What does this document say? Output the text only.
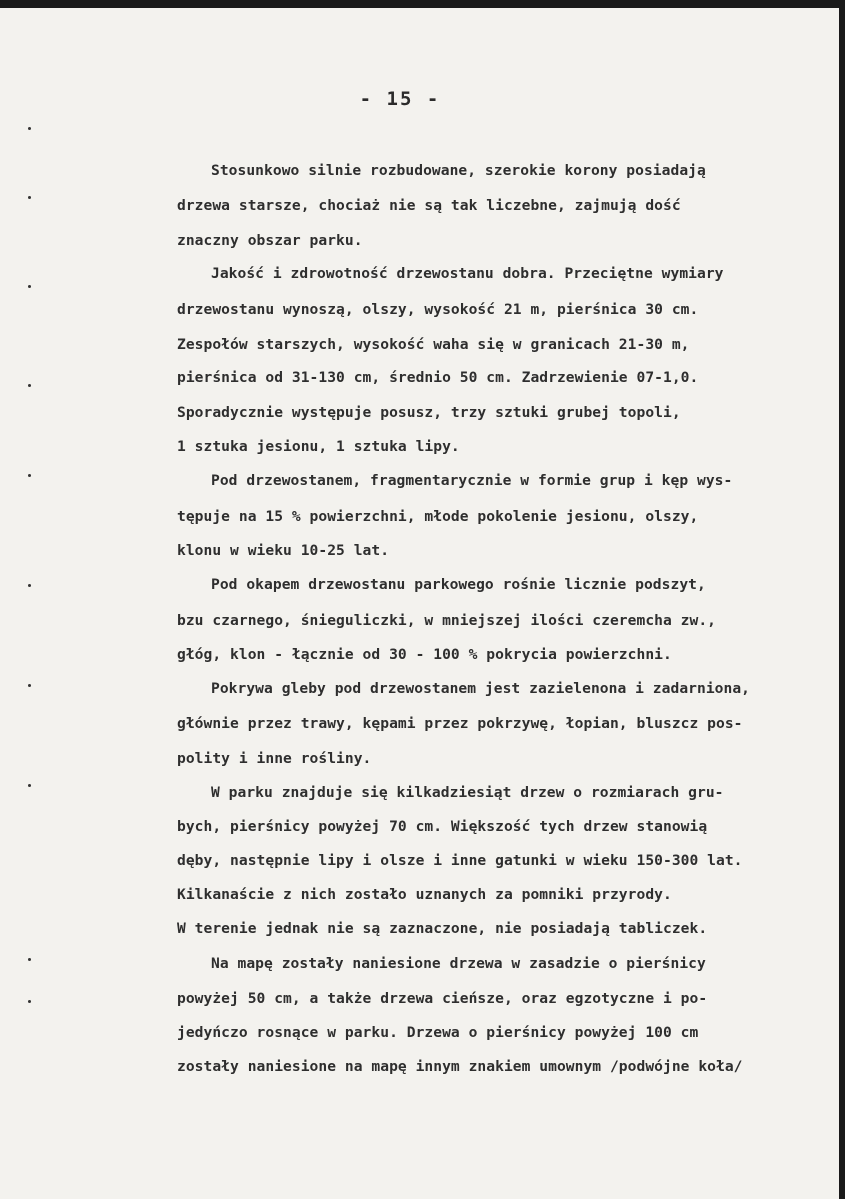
- 15 -
Stosunkowo silnie rozbudowane, szerokie korony posiadają
drzewa starsze, chociaż nie są tak liczebne, zajmują dość
znaczny obszar parku.
Jakość i zdrowotność drzewostanu dobra. Przeciętne wymiary
drzewostanu wynoszą, olszy, wysokość 21 m, pierśnica 30 cm.
Zespołów starszych, wysokość waha się w granicach 21-30 m,
pierśnica od 31-130 cm, średnio 50 cm. Zadrzewienie 07-1,0.
Sporadycznie występuje posusz, trzy sztuki grubej topoli,
1 sztuka jesionu, 1 sztuka lipy.
Pod drzewostanem, fragmentarycznie w formie grup i kęp wys-
tępuje na 15 % powierzchni, młode pokolenie jesionu, olszy,
klonu w wieku 10-25 lat.
Pod okapem drzewostanu parkowego rośnie licznie podszyt,
bzu czarnego, śnieguliczki, w mniejszej ilości czeremcha zw.,
głóg, klon - łącznie od 30 - 100 % pokrycia powierzchni.
Pokrywa gleby pod drzewostanem jest zazielenona i zadarniona,
głównie przez trawy, kępami przez pokrzywę, łopian, bluszcz pos-
polity i inne rośliny.
W parku znajduje się kilkadziesiąt drzew o rozmiarach gru-
bych, pierśnicy powyżej 70 cm. Większość tych drzew stanowią
dęby, następnie lipy i olsze i inne gatunki w wieku 150-300 lat.
Kilkanaście z nich zostało uznanych za pomniki przyrody.
W terenie jednak nie są zaznaczone, nie posiadają tabliczek.
Na mapę zostały naniesione drzewa w zasadzie o pierśnicy
powyżej 50 cm, a także drzewa cieńsze, oraz egzotyczne i po-
jedyńczo rosnące w parku. Drzewa o pierśnicy powyżej 100 cm
zostały naniesione na mapę innym znakiem umownym /podwójne koła/
